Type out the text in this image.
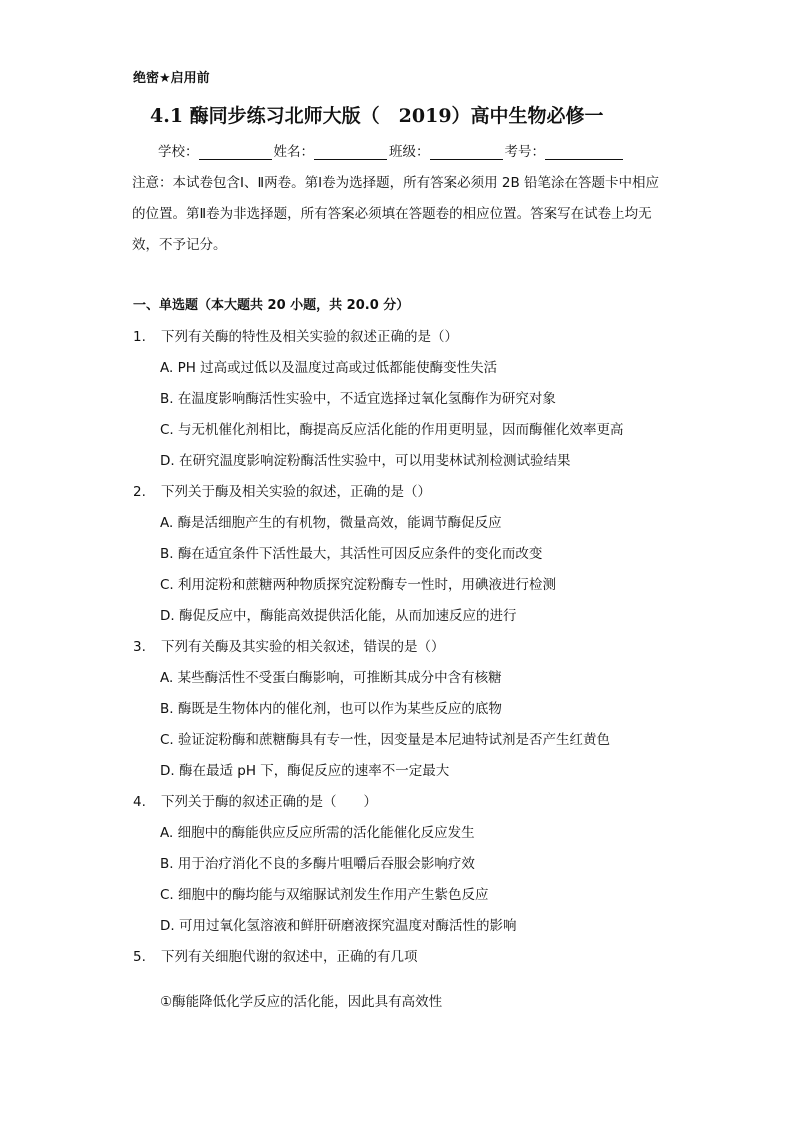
绝密★启用前
4.1 酶同步练习北师大版（　2019）高中生物必修一
学校：	姓名：	班级：	考号：
注意：本试卷包含Ⅰ、Ⅱ两卷。第Ⅰ卷为选择题，所有答案必须用 2B 铅笔涂在答题卡中相应的位置。第Ⅱ卷为非选择题，所有答案必须填在答题卷的相应位置。答案写在试卷上均无效，不予记分。
一、单选题（本大题共 20 小题，共 20.0 分）
1.	下列有关酶的特性及相关实验的叙述正确的是（）
A. PH 过高或过低以及温度过高或过低都能使酶变性失活
B. 在温度影响酶活性实验中，不适宜选择过氧化氢酶作为研究对象
C. 与无机催化剂相比，酶提高反应活化能的作用更明显，因而酶催化效率更高
D. 在研究温度影响淀粉酶活性实验中，可以用斐林试剂检测试验结果
2.	下列关于酶及相关实验的叙述，正确的是（）
A. 酶是活细胞产生的有机物，微量高效，能调节酶促反应
B. 酶在适宜条件下活性最大，其活性可因反应条件的变化而改变
C. 利用淀粉和蔗糖两种物质探究淀粉酶专一性时，用碘液进行检测
D. 酶促反应中，酶能高效提供活化能，从而加速反应的进行
3.	下列有关酶及其实验的相关叙述，错误的是（）
A. 某些酶活性不受蛋白酶影响，可推断其成分中含有核糖
B. 酶既是生物体内的催化剂，也可以作为某些反应的底物
C. 验证淀粉酶和蔗糖酶具有专一性，因变量是本尼迪特试剂是否产生红黄色
D. 酶在最适 pH 下，酶促反应的速率不一定最大
4.	下列关于酶的叙述正确的是（　　）
A. 细胞中的酶能供应反应所需的活化能催化反应发生
B. 用于治疗消化不良的多酶片咀嚼后吞服会影响疗效
C. 细胞中的酶均能与双缩脲试剂发生作用产生紫色反应
D. 可用过氧化氢溶液和鲜肝研磨液探究温度对酶活性的影响
5.	下列有关细胞代谢的叙述中，正确的有几项
①酶能降低化学反应的活化能，因此具有高效性
